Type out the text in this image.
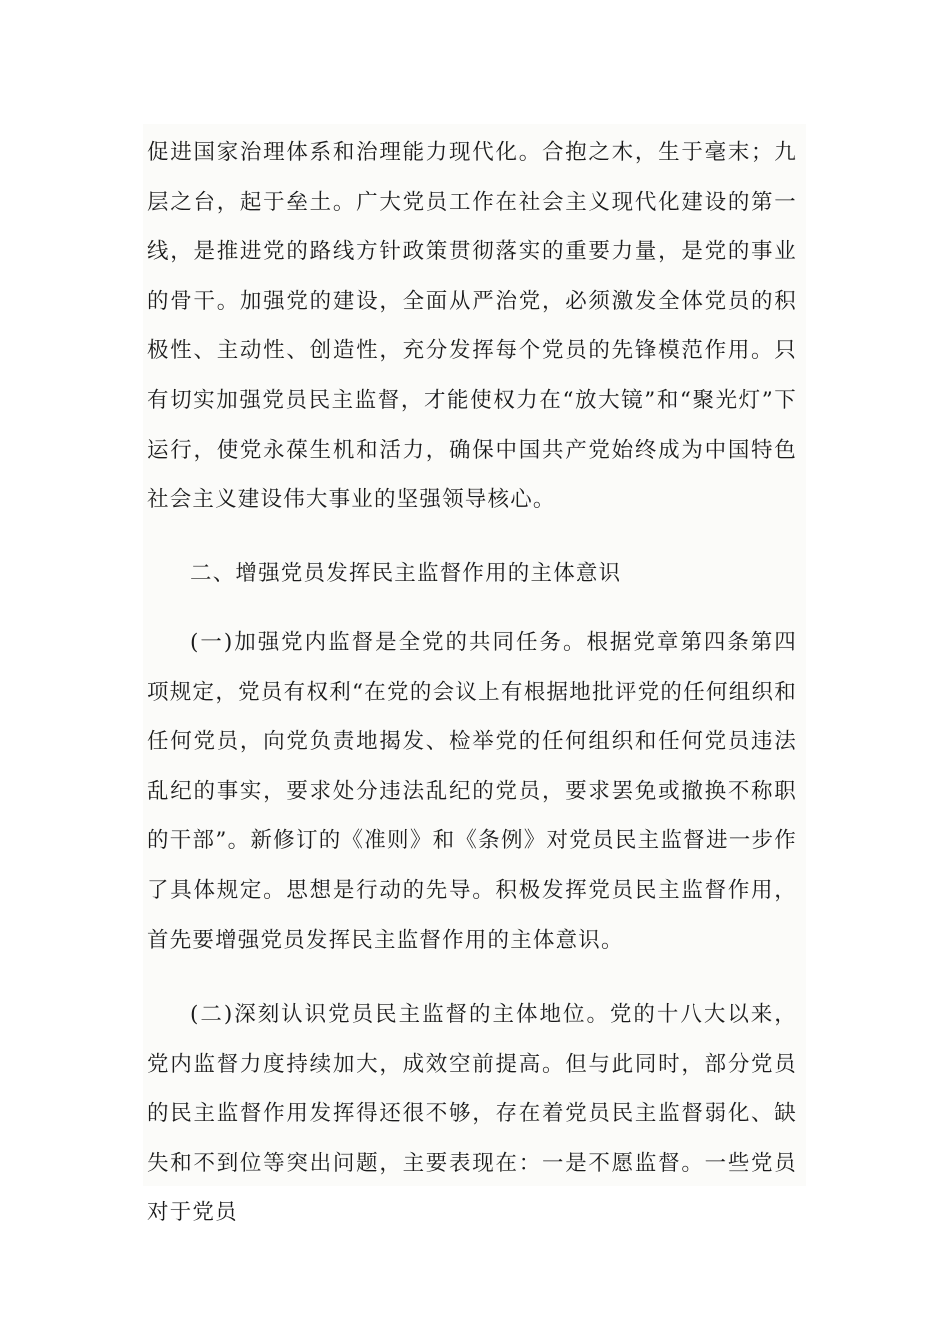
促进国家治理体系和治理能力现代化。合抱之木，生于毫末；九层之台，起于垒土。广大党员工作在社会主义现代化建设的第一线，是推进党的路线方针政策贯彻落实的重要力量，是党的事业的骨干。加强党的建设，全面从严治党，必须激发全体党员的积极性、主动性、创造性，充分发挥每个党员的先锋模范作用。只有切实加强党员民主监督，才能使权力在“放大镜”和“聚光灯”下运行，使党永葆生机和活力，确保中国共产党始终成为中国特色社会主义建设伟大事业的坚强领导核心。

二、增强党员发挥民主监督作用的主体意识

(一)加强党内监督是全党的共同任务。根据党章第四条第四项规定，党员有权利“在党的会议上有根据地批评党的任何组织和任何党员，向党负责地揭发、检举党的任何组织和任何党员违法乱纪的事实，要求处分违法乱纪的党员，要求罢免或撤换不称职的干部”。新修订的《准则》和《条例》对党员民主监督进一步作了具体规定。思想是行动的先导。积极发挥党员民主监督作用，首先要增强党员发挥民主监督作用的主体意识。

(二)深刻认识党员民主监督的主体地位。党的十八大以来，党内监督力度持续加大，成效空前提高。但与此同时，部分党员的民主监督作用发挥得还很不够，存在着党员民主监督弱化、缺失和不到位等突出问题，主要表现在：一是不愿监督。一些党员对于党员
